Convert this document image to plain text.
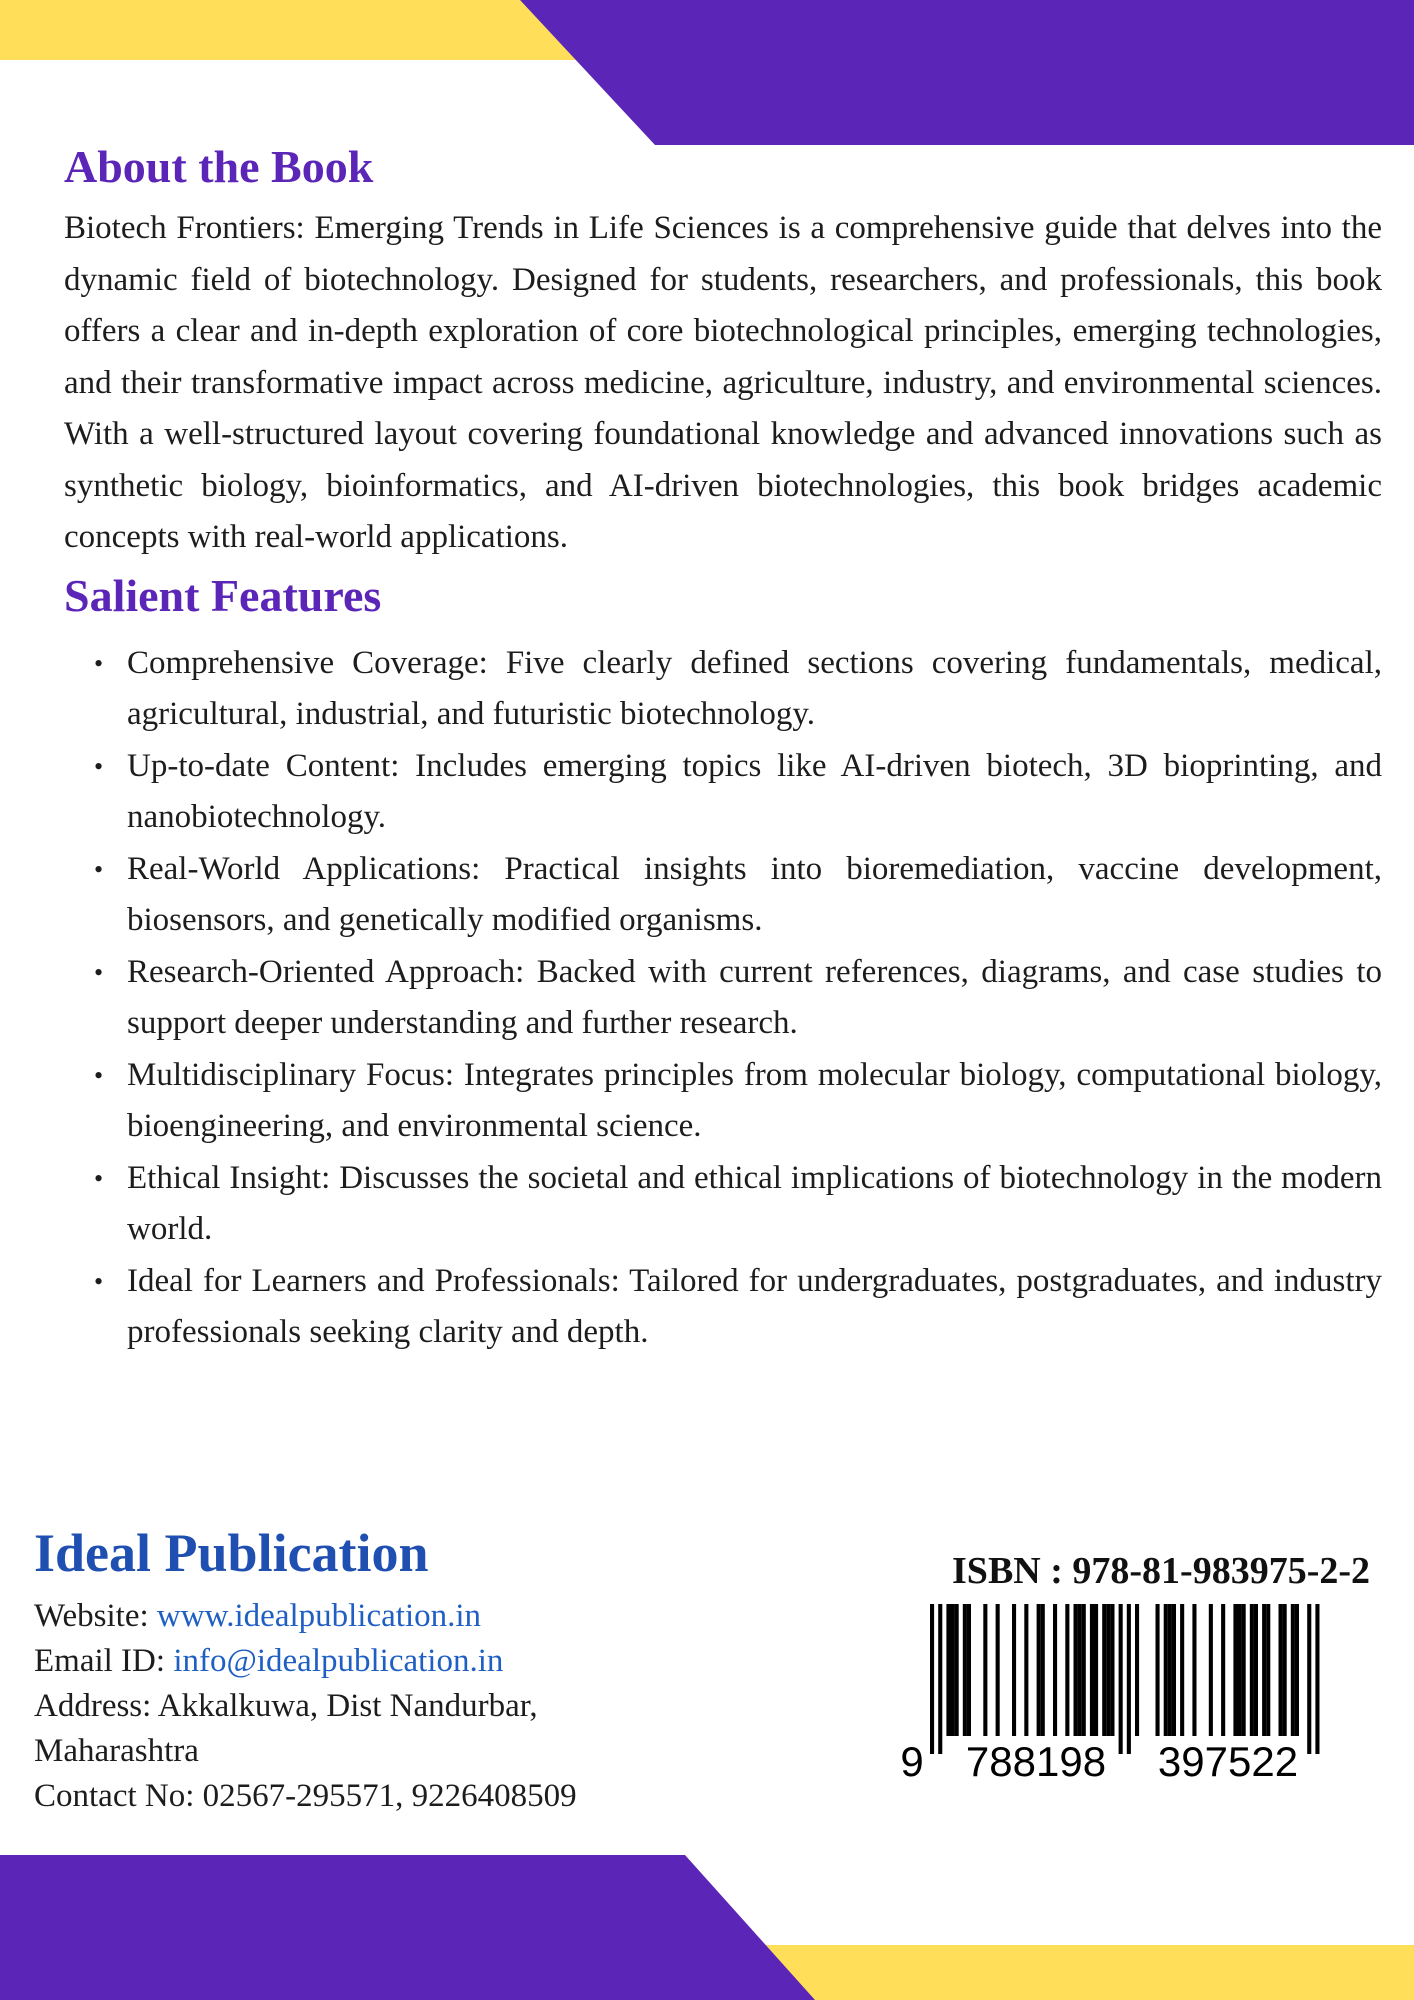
About the Book

Biotech Frontiers: Emerging Trends in Life Sciences is a comprehensive guide that delves into the dynamic field of biotechnology. Designed for students, researchers, and professionals, this book offers a clear and in-depth exploration of core biotechnological principles, emerging technologies, and their transformative impact across medicine, agriculture, industry, and environmental sciences. With a well-structured layout covering foundational knowledge and advanced innovations such as synthetic biology, bioinformatics, and AI-driven biotechnologies, this book bridges academic concepts with real-world applications.

Salient Features
• Comprehensive Coverage: Five clearly defined sections covering fundamentals, medical, agricultural, industrial, and futuristic biotechnology.
• Up-to-date Content: Includes emerging topics like AI-driven biotech, 3D bioprinting, and nanobiotechnology.
• Real-World Applications: Practical insights into bioremediation, vaccine development, biosensors, and genetically modified organisms.
• Research-Oriented Approach: Backed with current references, diagrams, and case studies to support deeper understanding and further research.
• Multidisciplinary Focus: Integrates principles from molecular biology, computational biology, bioengineering, and environmental science.
• Ethical Insight: Discusses the societal and ethical implications of biotechnology in the modern world.
• Ideal for Learners and Professionals: Tailored for undergraduates, postgraduates, and industry professionals seeking clarity and depth.
Ideal Publication
Website: www.idealpublication.in
Email ID: info@idealpublication.in
Address: Akkalkuwa, Dist Nandurbar,
Maharashtra
Contact No: 02567-295571, 9226408509
ISBN : 978-81-983975-2-2
9 788198 397522
